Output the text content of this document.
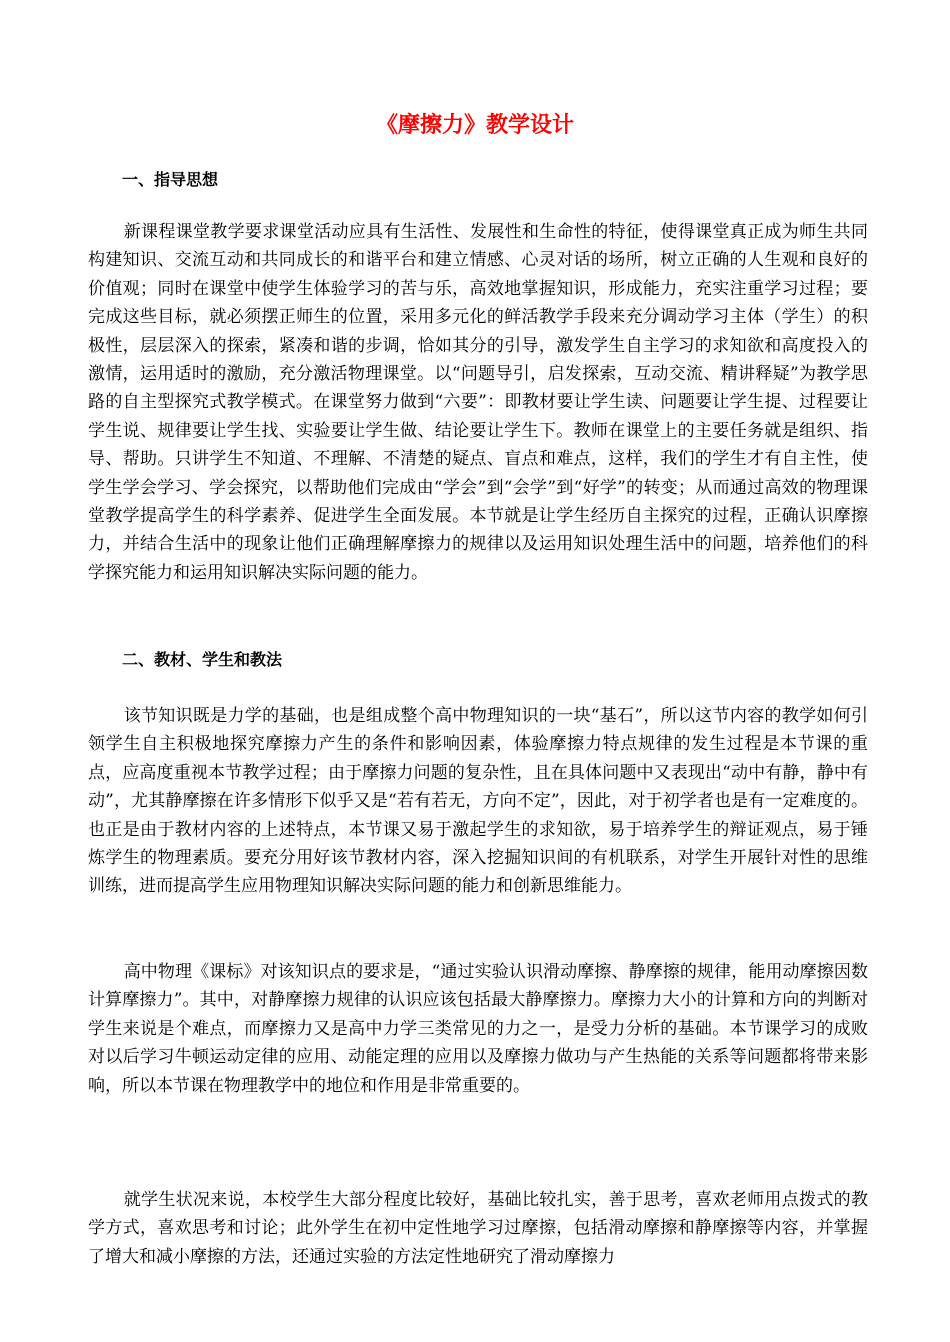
《摩擦力》教学设计
一、指导思想

新课程课堂教学要求课堂活动应具有生活性、发展性和生命性的特征，使得课堂真正成为师生共同构建知识、交流互动和共同成长的和谐平台和建立情感、心灵对话的场所，树立正确的人生观和良好的价值观；同时在课堂中使学生体验学习的苦与乐，高效地掌握知识，形成能力，充实注重学习过程；要完成这些目标，就必须摆正师生的位置，采用多元化的鲜活教学手段来充分调动学习主体（学生）的积极性，层层深入的探索，紧凑和谐的步调，恰如其分的引导，激发学生自主学习的求知欲和高度投入的激情，运用适时的激励，充分激活物理课堂。以“问题导引，启发探索，互动交流、精讲释疑”为教学思路的自主型探究式教学模式。在课堂努力做到“六要”：即教材要让学生读、问题要让学生提、过程要让学生说、规律要让学生找、实验要让学生做、结论要让学生下。教师在课堂上的主要任务就是组织、指导、帮助。只讲学生不知道、不理解、不清楚的疑点、盲点和难点，这样，我们的学生才有自主性，使学生学会学习、学会探究，以帮助他们完成由“学会”到“会学”到“好学”的转变；从而通过高效的物理课堂教学提高学生的科学素养、促进学生全面发展。本节就是让学生经历自主探究的过程，正确认识摩擦力，并结合生活中的现象让他们正确理解摩擦力的规律以及运用知识处理生活中的问题，培养他们的科学探究能力和运用知识解决实际问题的能力。

二、教材、学生和教法

该节知识既是力学的基础，也是组成整个高中物理知识的一块“基石”，所以这节内容的教学如何引领学生自主积极地探究摩擦力产生的条件和影响因素，体验摩擦力特点规律的发生过程是本节课的重点，应高度重视本节教学过程；由于摩擦力问题的复杂性，且在具体问题中又表现出“动中有静，静中有动”，尤其静摩擦在许多情形下似乎又是“若有若无，方向不定”，因此，对于初学者也是有一定难度的。也正是由于教材内容的上述特点，本节课又易于激起学生的求知欲，易于培养学生的辩证观点，易于锤炼学生的物理素质。要充分用好该节教材内容，深入挖掘知识间的有机联系，对学生开展针对性的思维训练，进而提高学生应用物理知识解决实际问题的能力和创新思维能力。

高中物理《课标》对该知识点的要求是，“通过实验认识滑动摩擦、静摩擦的规律，能用动摩擦因数计算摩擦力”。其中，对静摩擦力规律的认识应该包括最大静摩擦力。摩擦力大小的计算和方向的判断对学生来说是个难点，而摩擦力又是高中力学三类常见的力之一，是受力分析的基础。本节课学习的成败对以后学习牛顿运动定律的应用、动能定理的应用以及摩擦力做功与产生热能的关系等问题都将带来影响，所以本节课在物理教学中的地位和作用是非常重要的。

就学生状况来说，本校学生大部分程度比较好，基础比较扎实，善于思考，喜欢老师用点拨式的教学方式，喜欢思考和讨论；此外学生在初中定性地学习过摩擦，包括滑动摩擦和静摩擦等内容，并掌握了增大和减小摩擦的方法，还通过实验的方法定性地研究了滑动摩擦力
